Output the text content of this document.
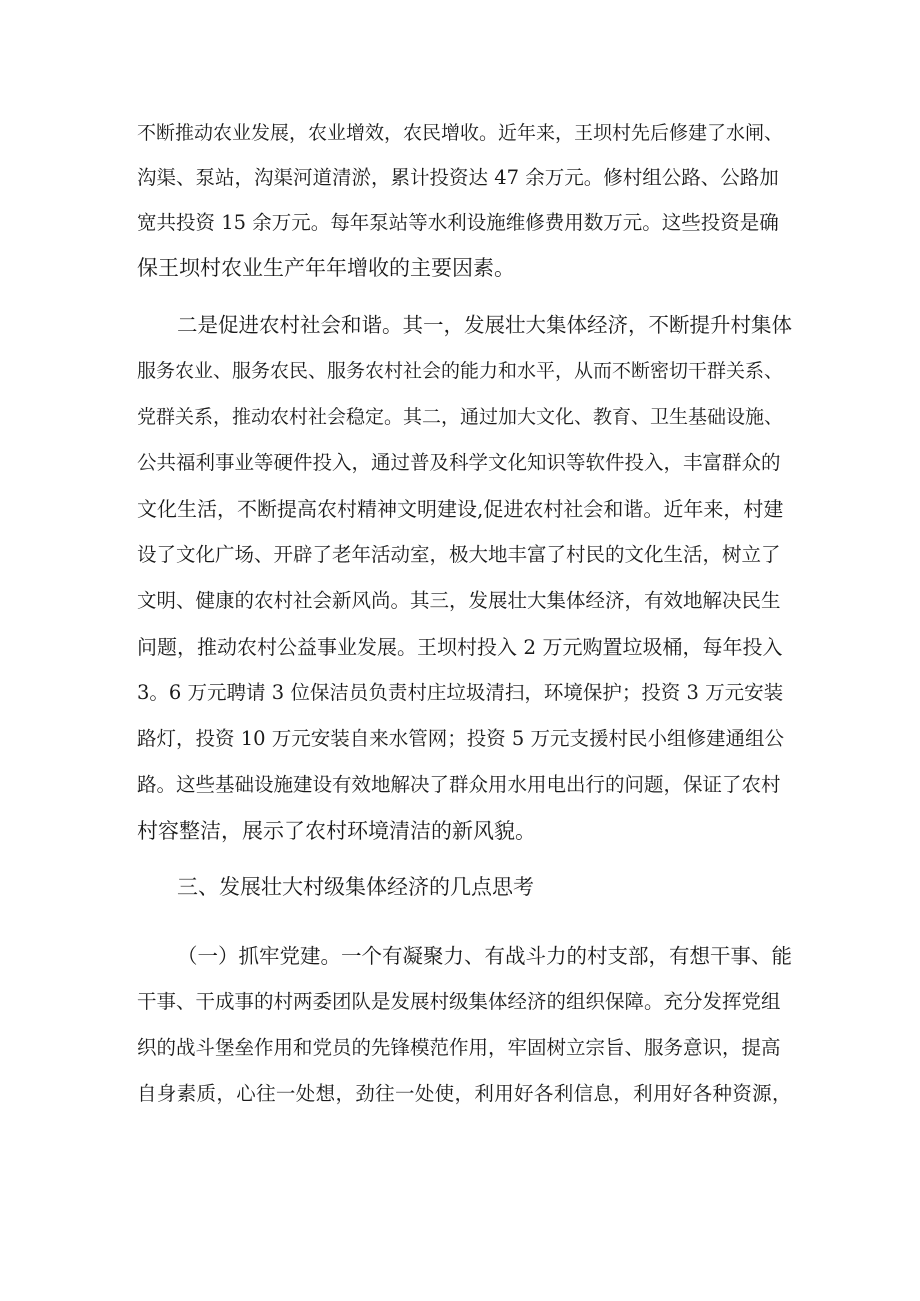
不断推动农业发展，农业增效，农民增收。近年来，王坝村先后修建了水闸、
沟渠、泵站，沟渠河道清淤，累计投资达 47 余万元。修村组公路、公路加
宽共投资 15 余万元。每年泵站等水利设施维修费用数万元。这些投资是确
保王坝村农业生产年年增收的主要因素。
二是促进农村社会和谐。其一，发展壮大集体经济，不断提升村集体
服务农业、服务农民、服务农村社会的能力和水平，从而不断密切干群关系、
党群关系，推动农村社会稳定。其二，通过加大文化、教育、卫生基础设施、
公共福利事业等硬件投入，通过普及科学文化知识等软件投入，丰富群众的
文化生活，不断提高农村精神文明建设,促进农村社会和谐。近年来，村建
设了文化广场、开辟了老年活动室，极大地丰富了村民的文化生活，树立了
文明、健康的农村社会新风尚。其三，发展壮大集体经济，有效地解决民生
问题，推动农村公益事业发展。王坝村投入 2 万元购置垃圾桶，每年投入
3。6 万元聘请 3 位保洁员负责村庄垃圾清扫，环境保护；投资 3 万元安装
路灯，投资 10 万元安装自来水管网；投资 5 万元支援村民小组修建通组公
路。这些基础设施建设有效地解决了群众用水用电出行的问题，保证了农村
村容整洁，展示了农村环境清洁的新风貌。
三、发展壮大村级集体经济的几点思考
（一）抓牢党建。一个有凝聚力、有战斗力的村支部，有想干事、能
干事、干成事的村两委团队是发展村级集体经济的组织保障。充分发挥党组
织的战斗堡垒作用和党员的先锋模范作用，牢固树立宗旨、服务意识，提高
自身素质，心往一处想，劲往一处使，利用好各利信息，利用好各种资源，
